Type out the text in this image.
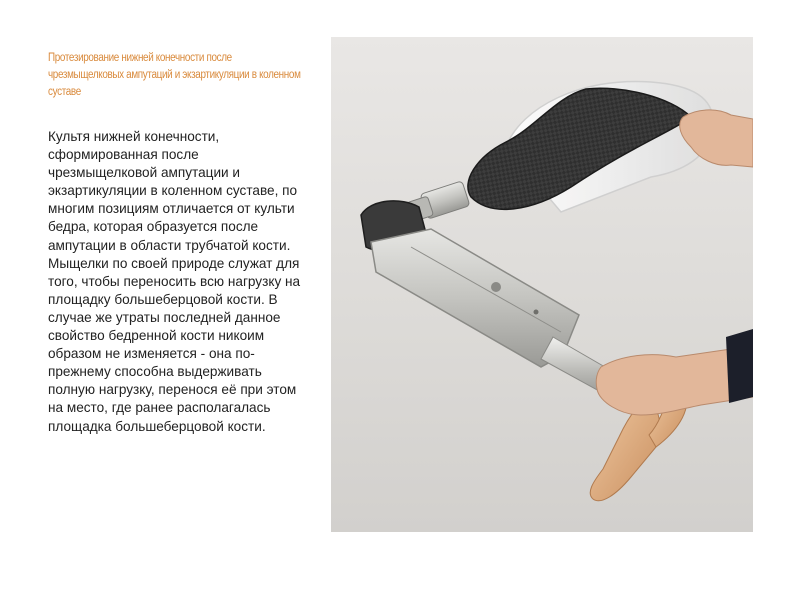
Протезирование нижней конечности после чрезмыщелковых ампутаций и экзартикуляции в коленном суставе
Культя нижней конечности, сформированная после чрезмыщелковой ампутации и экзартикуляции в коленном суставе, по многим позициям отличается от культи бедра, которая образуется после ампутации в области трубчатой кости. Мыщелки по своей природе служат для того, чтобы переносить всю нагрузку на площадку большеберцовой кости. В случае же утраты последней данное свойство бедренной кости никоим образом не изменяется - она по-прежнему способна выдерживать полную нагрузку, перенося её при этом на место, где ранее располагалась площадка большеберцовой кости.
